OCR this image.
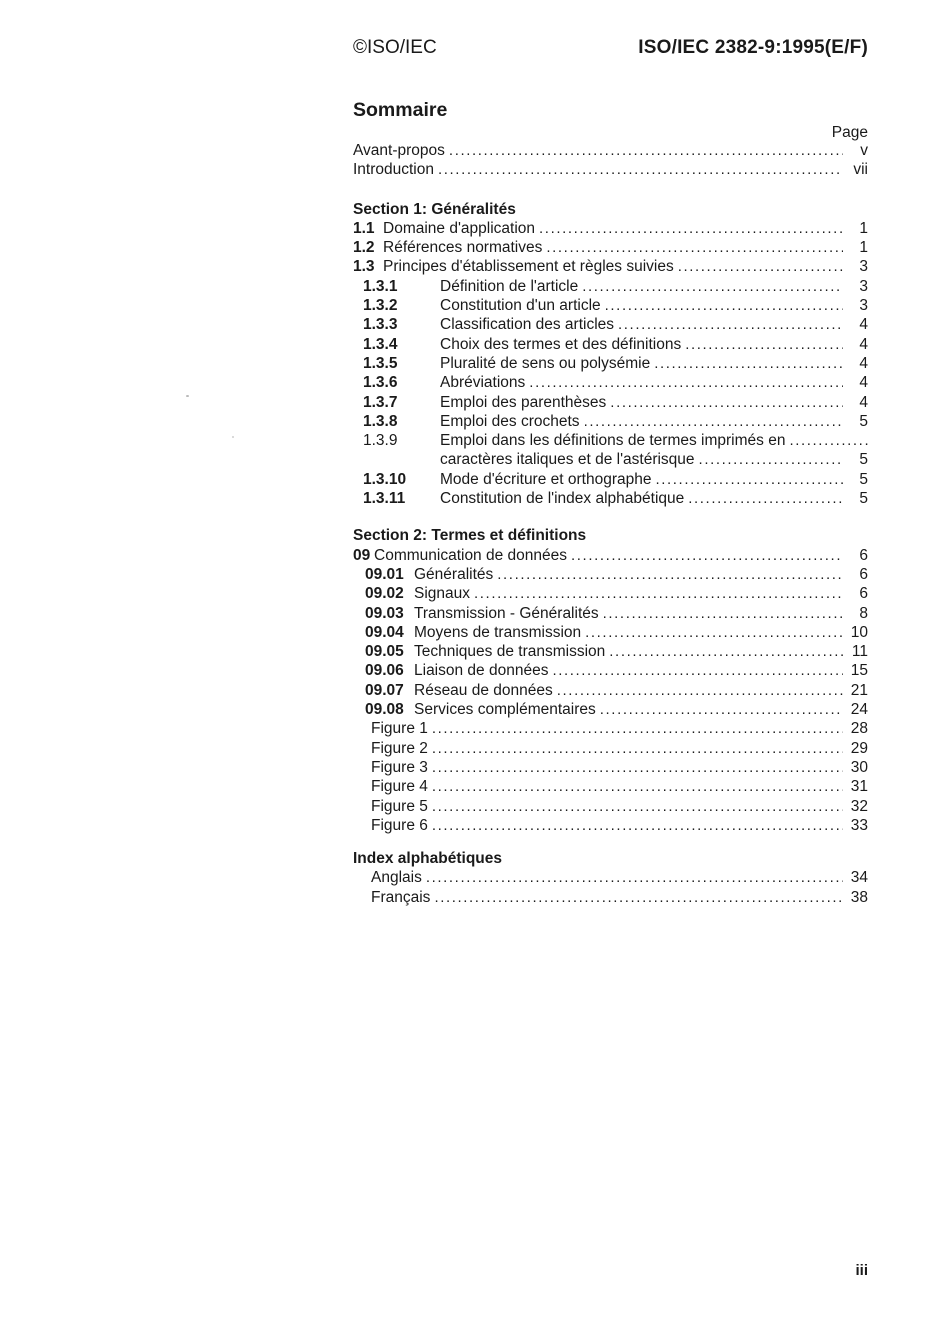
©ISO/IEC	ISO/IEC 2382-9:1995(E/F)
Sommaire
Page
Avant-propos .....	v
Introduction .....	vii
Section 1: Généralités
1.1 Domaine d'application .....	1
1.2 Références normatives .....	1
1.3 Principes d'établissement et règles suivies .....	3
1.3.1	Définition de l'article .....	3
1.3.2	Constitution d'un article .....	3
1.3.3	Classification des articles .....	4
1.3.4	Choix des termes et des définitions .....	4
1.3.5	Pluralité de sens ou polysémie .....	4
1.3.6	Abréviations .....	4
1.3.7	Emploi des parenthèses .....	4
1.3.8	Emploi des crochets .....	5
1.3.9	Emploi dans les définitions de termes imprimés en
.....
caractères italiques et de l'astérisque .....	5
1.3.10	Mode d'écriture et orthographe .....	5
1.3.11	Constitution de l'index alphabétique .....	5
Section 2: Termes et définitions
09 Communication de données .....	6
09.01 Généralités .....	6
09.02 Signaux .....	6
09.03 Transmission - Généralités .....	8
09.04 Moyens de transmission .....	10
09.05 Techniques de transmission .....	11
09.06 Liaison de données .....	15
09.07 Réseau de données .....	21
09.08 Services complémentaires .....	24
Figure 1 .....	28
Figure 2 .....	29
Figure 3 .....	30
Figure 4 .....	31
Figure 5 .....	32
Figure 6 .....	33
Index alphabétiques
Anglais .....	34
Français .....	38
iii
